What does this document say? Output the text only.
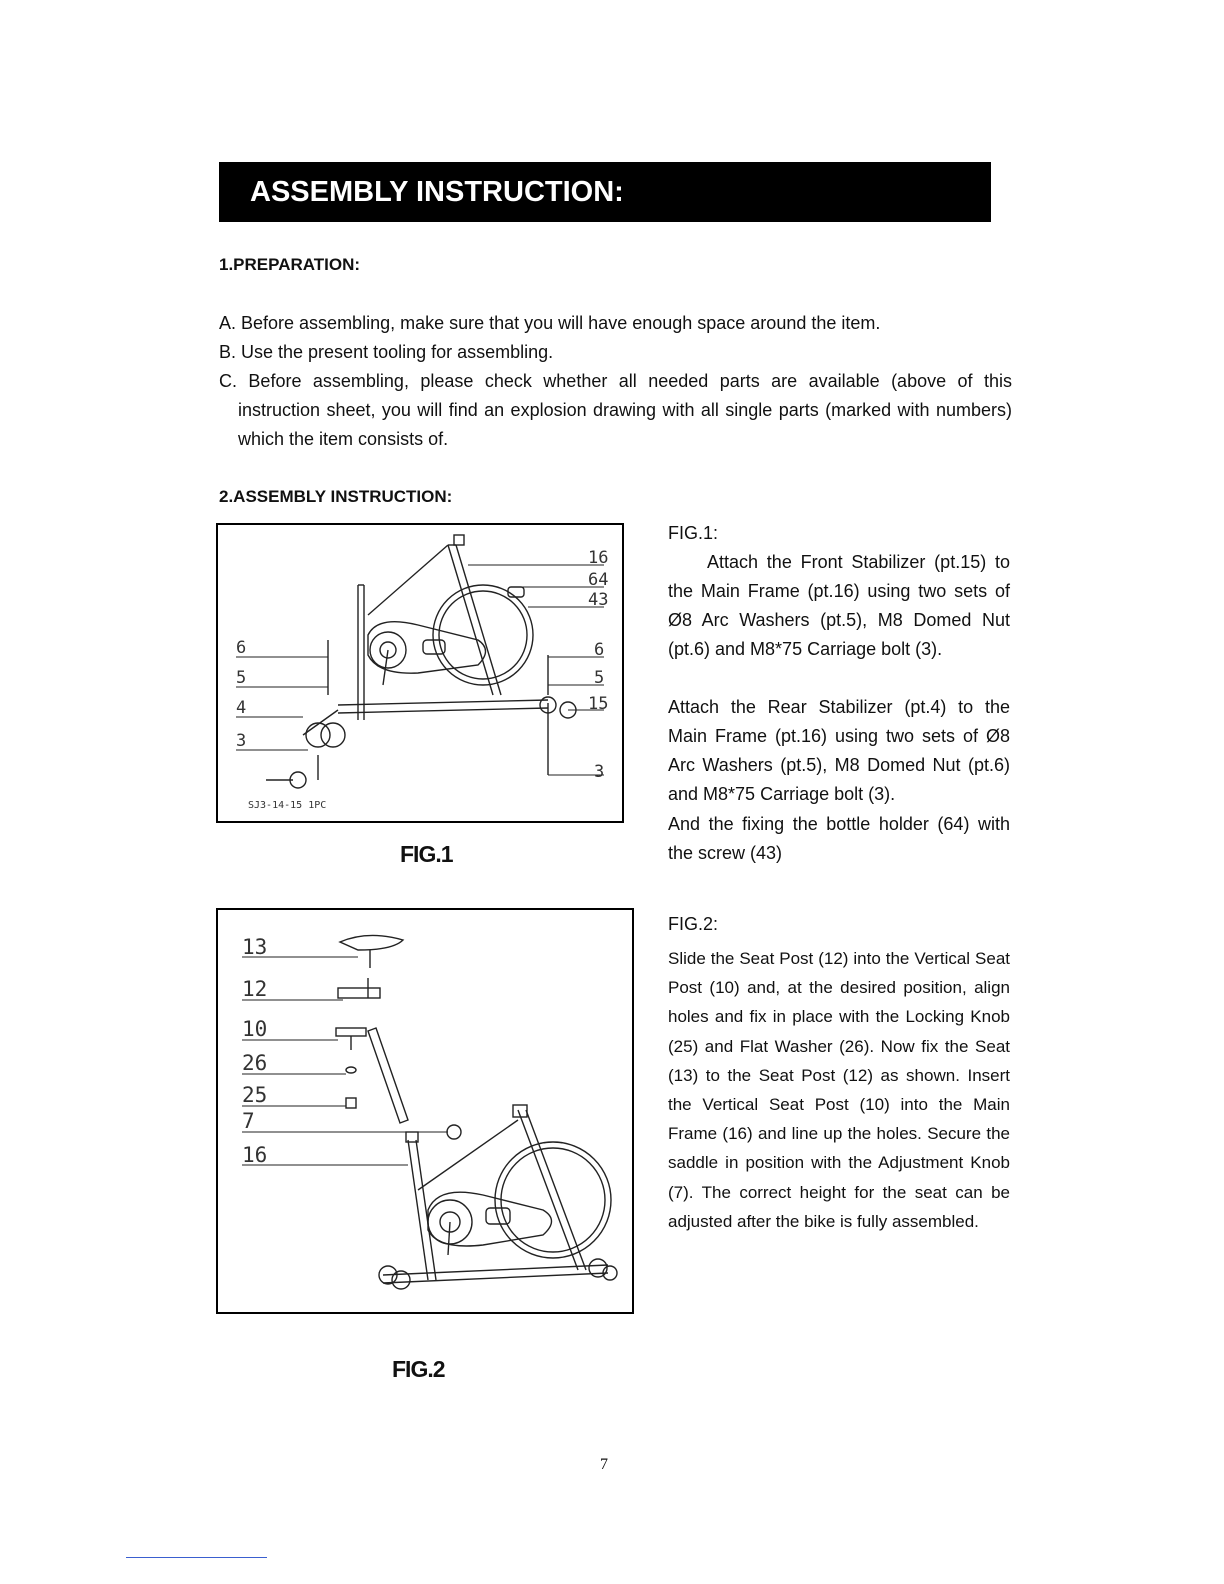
ASSEMBLY INSTRUCTION:
1.PREPARATION:
A. Before assembling, make sure that you will have enough space around the item.
B. Use the present tooling for assembling.
C. Before assembling, please check whether all needed parts are available (above of this instruction sheet, you will find an explosion drawing with all single parts (marked with numbers) which the item consists of.
2.ASSEMBLY INSTRUCTION:
6
5
4
3
16
64
43
6
5
15
3
SJ3-14-15 1PC
FIG.1
FIG.1:
Attach the Front Stabilizer (pt.15) to the Main Frame (pt.16) using two sets of Ø8 Arc Washers (pt.5), M8 Domed Nut (pt.6) and M8*75 Carriage bolt (3).
Attach the Rear Stabilizer (pt.4) to the Main Frame (pt.16) using two sets of Ø8 Arc Washers (pt.5), M8 Domed Nut (pt.6) and M8*75 Carriage bolt (3).
And the fixing the bottle holder (64) with the screw (43)
13
12
10
26
25
7
16
FIG.2
FIG.2:
Slide the Seat Post (12) into the Vertical Seat Post (10) and, at the desired position, align holes and fix in place with the Locking Knob (25) and Flat Washer (26). Now fix the Seat (13) to the Seat Post (12) as shown. Insert the Vertical Seat Post (10) into the Main Frame (16) and line up the holes. Secure the saddle in position with the Adjustment Knob (7). The correct height for the seat can be adjusted after the bike is fully assembled.
7
